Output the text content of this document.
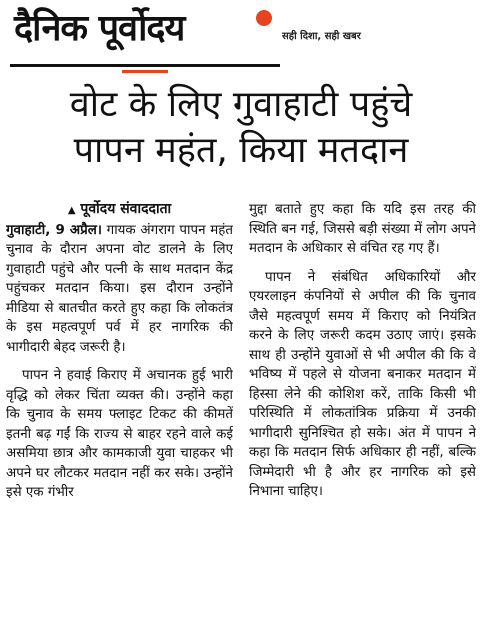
दैनिक पूर्वोदय	सही दिशा, सही खबर
वोट के लिए गुवाहाटी पहुंचे
पापन महंत, किया मतदान
▲ पूर्वोदय संवाददाता

गुवाहाटी, 9 अप्रैल। गायक अंगराग पापन महंत चुनाव के दौरान अपना वोट डालने के लिए गुवाहाटी पहुंचे और पत्नी के साथ मतदान केंद्र पहुंचकर मतदान किया। इस दौरान उन्होंने मीडिया से बातचीत करते हुए कहा कि लोकतंत्र के इस महत्वपूर्ण पर्व में हर नागरिक की भागीदारी बेहद जरूरी है।

पापन ने हवाई किराए में अचानक हुई भारी वृद्धि को लेकर चिंता व्यक्त की। उन्होंने कहा कि चुनाव के समय फ्लाइट टिकट की कीमतें इतनी बढ़ गईं कि राज्य से बाहर रहने वाले कई असमिया छात्र और कामकाजी युवा चाहकर भी अपने घर लौटकर मतदान नहीं कर सके। उन्होंने इसे एक गंभीर

मुद्दा बताते हुए कहा कि यदि इस तरह की स्थिति बन गई, जिससे बड़ी संख्या में लोग अपने मतदान के अधिकार से वंचित रह गए हैं।

पापन ने संबंधित अधिकारियों और एयरलाइन कंपनियों से अपील की कि चुनाव जैसे महत्वपूर्ण समय में किराए को नियंत्रित करने के लिए जरूरी कदम उठाए जाएं। इसके साथ ही उन्होंने युवाओं से भी अपील की कि वे भविष्य में पहले से योजना बनाकर मतदान में हिस्सा लेने की कोशिश करें, ताकि किसी भी परिस्थिति में लोकतांत्रिक प्रक्रिया में उनकी भागीदारी सुनिश्चित हो सके। अंत में पापन ने कहा कि मतदान सिर्फ अधिकार ही नहीं, बल्कि जिम्मेदारी भी है और हर नागरिक को इसे निभाना चाहिए।
